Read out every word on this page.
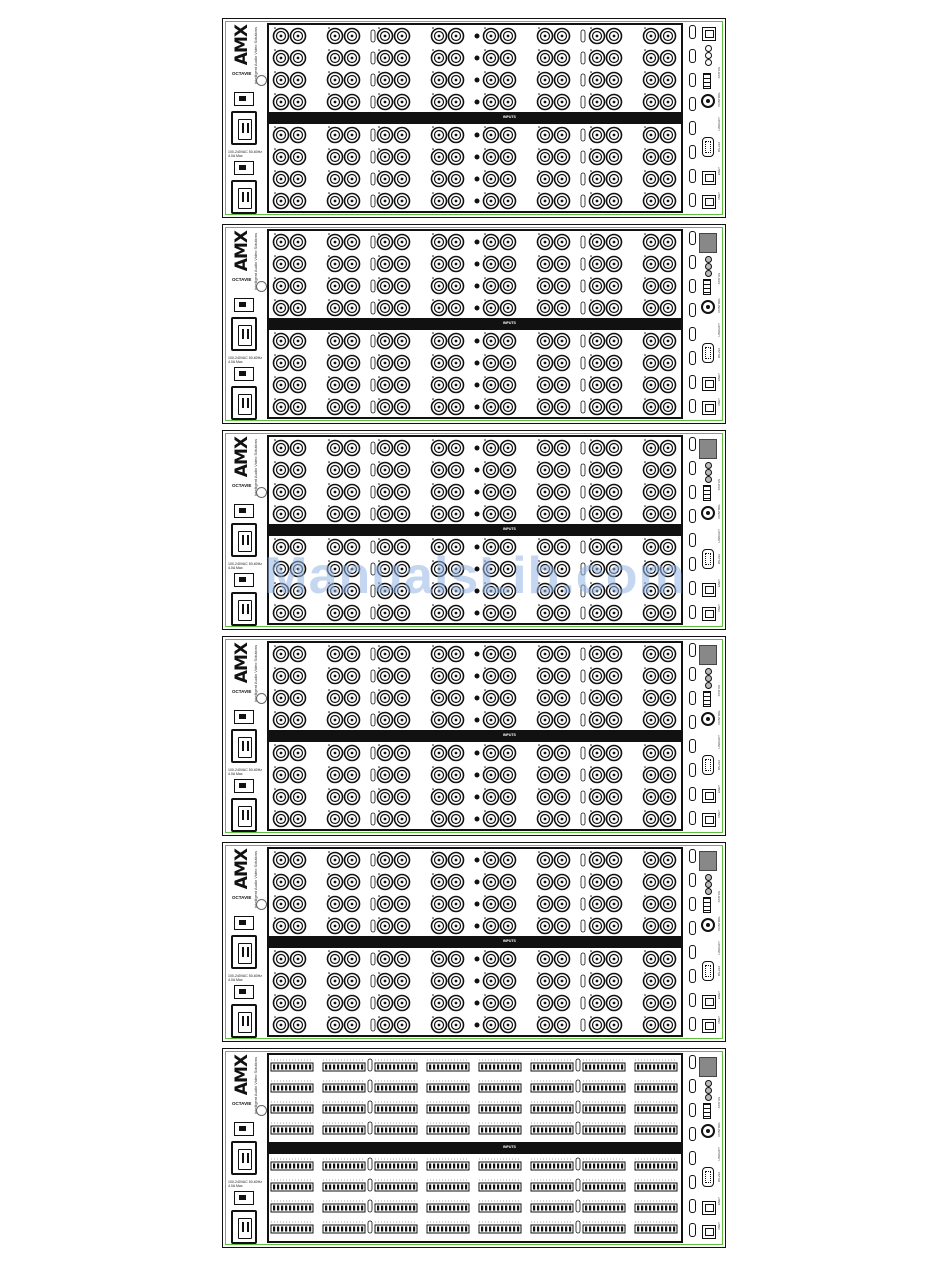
AMX Intelligent Audio Video Solutions
OCTAVIE
100-240VAC 50-60Hz 4.0A Max
INPUTS
STATUS
CONTROL
LINK/ACT
RS-232
ENET
XNET
AMX Intelligent Audio Video Solutions
OCTAVIE
100-240VAC 50-60Hz 4.0A Max
INPUTS
STATUS
CONTROL
LINK/ACT
RS-232
ENET
XNET
AMX Intelligent Audio Video Solutions
OCTAVIE
100-240VAC 50-60Hz 4.0A Max
INPUTS
STATUS
CONTROL
LINK/ACT
RS-232
ENET
XNET
AMX Intelligent Audio Video Solutions
OCTAVIE
100-240VAC 50-60Hz 4.0A Max
INPUTS
STATUS
CONTROL
LINK/ACT
RS-232
ENET
XNET
AMX Intelligent Audio Video Solutions
OCTAVIE
100-240VAC 50-60Hz 4.0A Max
INPUTS
STATUS
CONTROL
LINK/ACT
RS-232
ENET
XNET
AMX Intelligent Audio Video Solutions
OCTAVIE
100-240VAC 50-60Hz 4.0A Max
INPUTS
STATUS
CONTROL
LINK/ACT
RS-232
ENET
XNET
ManualsLib.com
